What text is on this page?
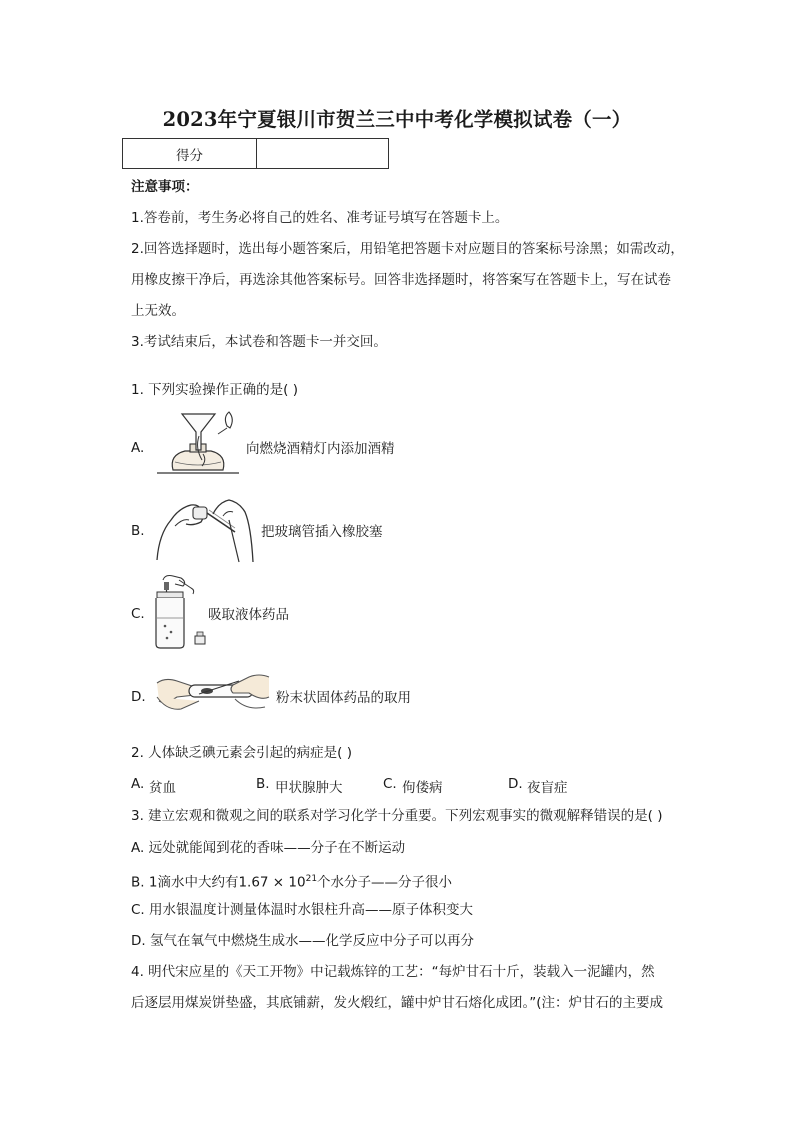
2023年宁夏银川市贺兰三中中考化学模拟试卷（一）
得分	
注意事项：
1.答卷前，考生务必将自己的姓名、准考证号填写在答题卡上。
2.回答选择题时，选出每小题答案后，用铅笔把答题卡对应题目的答案标号涂黑；如需改动，
用橡皮擦干净后，再选涂其他答案标号。回答非选择题时，将答案写在答题卡上，写在试卷
上无效。
3.考试结束后，本试卷和答题卡一并交回。
1. 下列实验操作正确的是( )
A.	向燃烧酒精灯内添加酒精
B.	把玻璃管插入橡胶塞
C.	吸取液体药品
D.	粉末状固体药品的取用
2. 人体缺乏碘元素会引起的病症是( )
A. 贫血	B. 甲状腺肿大	C. 佝偻病	D. 夜盲症
3. 建立宏观和微观之间的联系对学习化学十分重要。下列宏观事实的微观解释错误的是( )
A. 远处就能闻到花的香味——分子在不断运动
B. 1滴水中大约有$1.67 \times 10^{21}$个水分子——分子很小
C. 用水银温度计测量体温时水银柱升高——原子体积变大
D. 氢气在氧气中燃烧生成水——化学反应中分子可以再分
4. 明代宋应星的《天工开物》中记载炼锌的工艺：“每炉甘石十斤，装载入一泥罐内，然
后逐层用煤炭饼垫盛，其底铺薪，发火煅红，罐中炉甘石熔化成团。”(注：炉甘石的主要成
